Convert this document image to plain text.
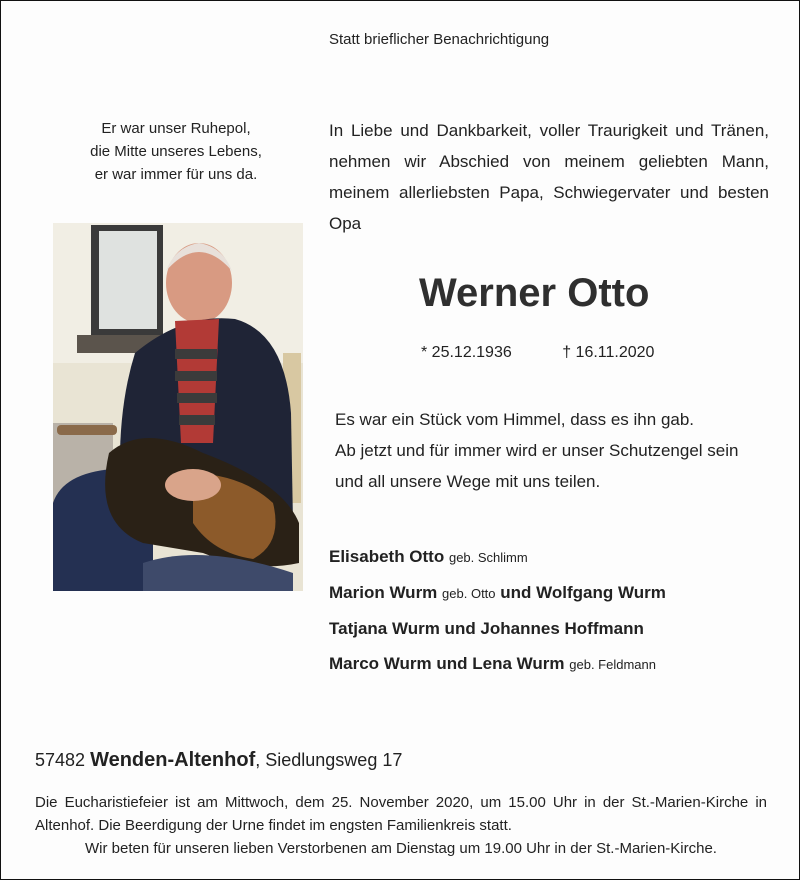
Statt brieflicher Benachrichtigung
Er war unser Ruhepol,
die Mitte unseres Lebens,
er war immer für uns da.
In Liebe und Dankbarkeit, voller Traurigkeit und Tränen, nehmen wir Abschied von meinem geliebten Mann, meinem allerliebsten Papa, Schwiegervater und besten Opa
Werner Otto
* 25.12.1936	† 16.11.2020
Es war ein Stück vom Himmel, dass es ihn gab.
Ab jetzt und für immer wird er unser Schutzengel sein und all unsere Wege mit uns teilen.
Elisabeth Otto geb. Schlimm
Marion Wurm geb. Otto und Wolfgang Wurm
Tatjana Wurm und Johannes Hoffmann
Marco Wurm und Lena Wurm geb. Feldmann
57482 Wenden-Altenhof, Siedlungsweg 17

Die Eucharistiefeier ist am Mittwoch, dem 25. November 2020, um 15.00 Uhr in der St.-Marien-Kirche in Altenhof. Die Beerdigung der Urne findet im engsten Familienkreis statt.

Wir beten für unseren lieben Verstorbenen am Dienstag um 19.00 Uhr in der St.-Marien-Kirche.
